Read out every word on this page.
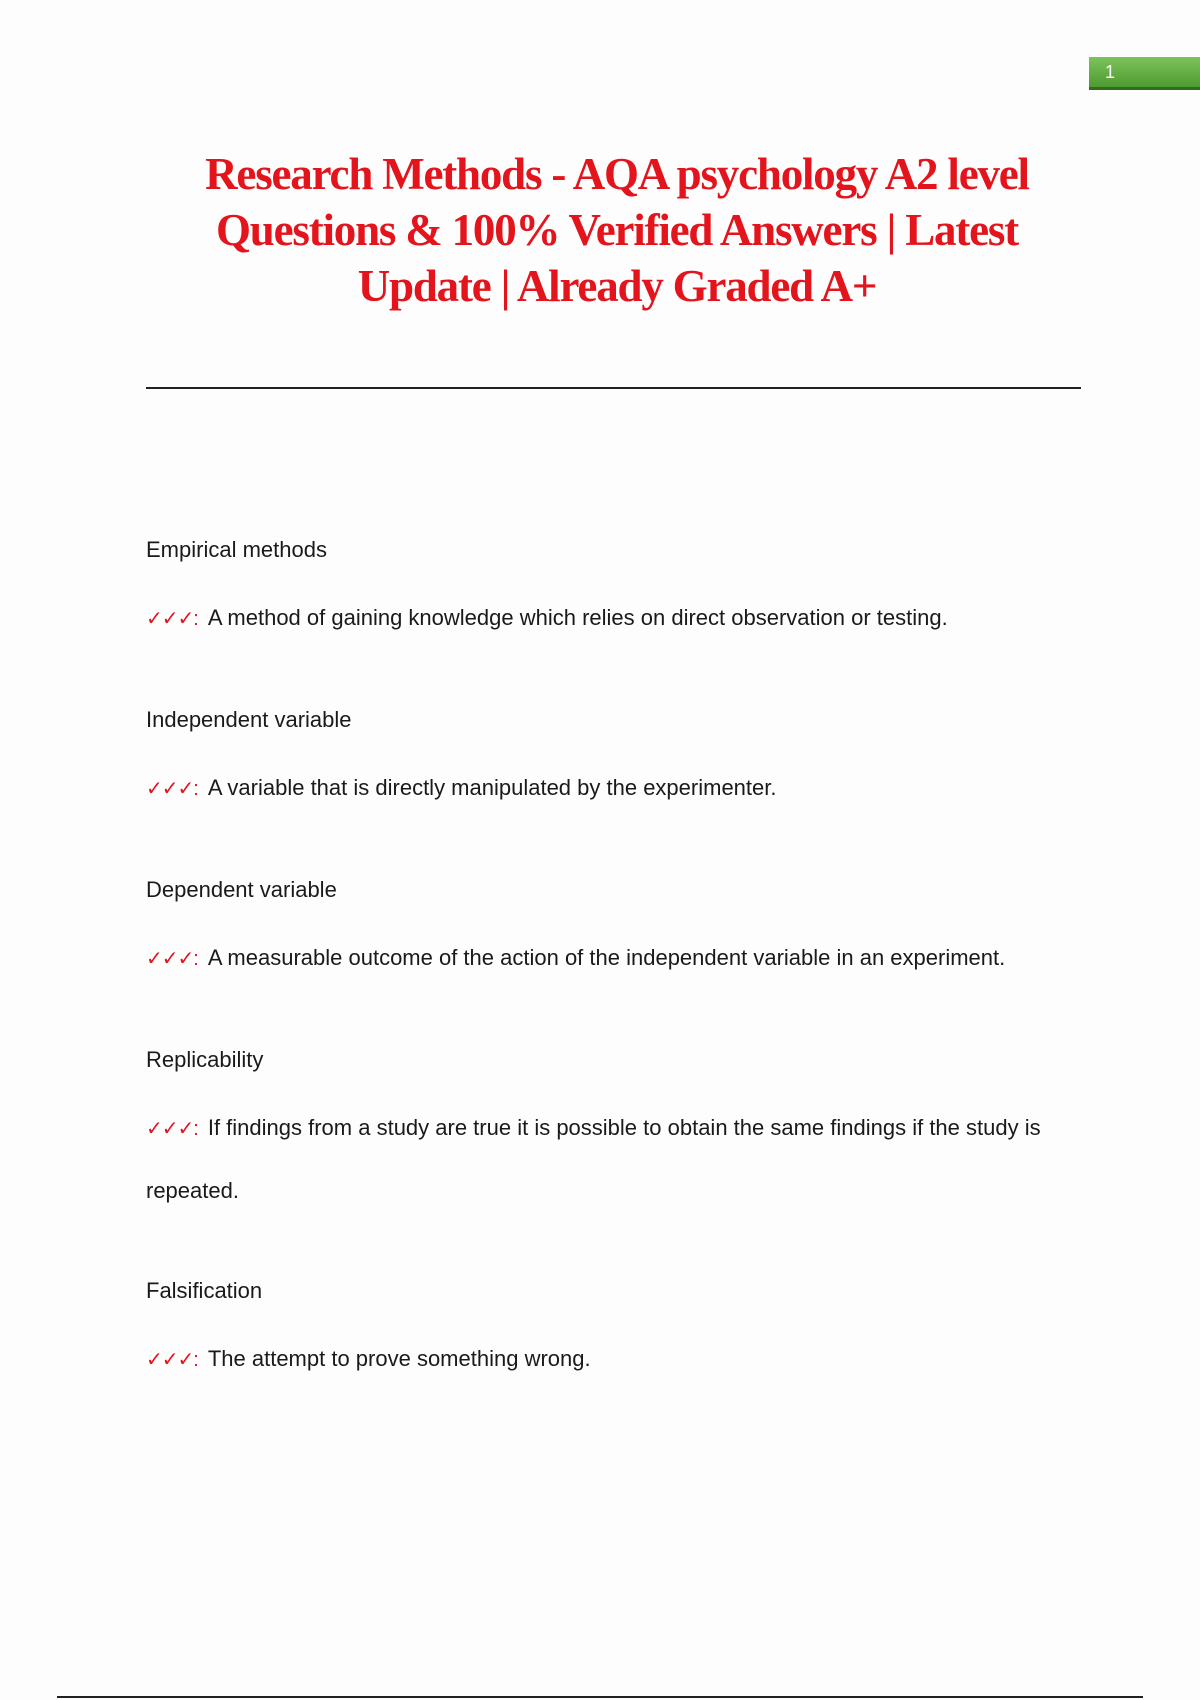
1
Research Methods - AQA psychology A2 level Questions & 100% Verified Answers | Latest Update | Already Graded A+

Empirical methods

✓✓✓: A method of gaining knowledge which relies on direct observation or testing.

Independent variable

✓✓✓: A variable that is directly manipulated by the experimenter.

Dependent variable

✓✓✓: A measurable outcome of the action of the independent variable in an experiment.

Replicability

✓✓✓: If findings from a study are true it is possible to obtain the same findings if the study is repeated.

Falsification

✓✓✓: The attempt to prove something wrong.
